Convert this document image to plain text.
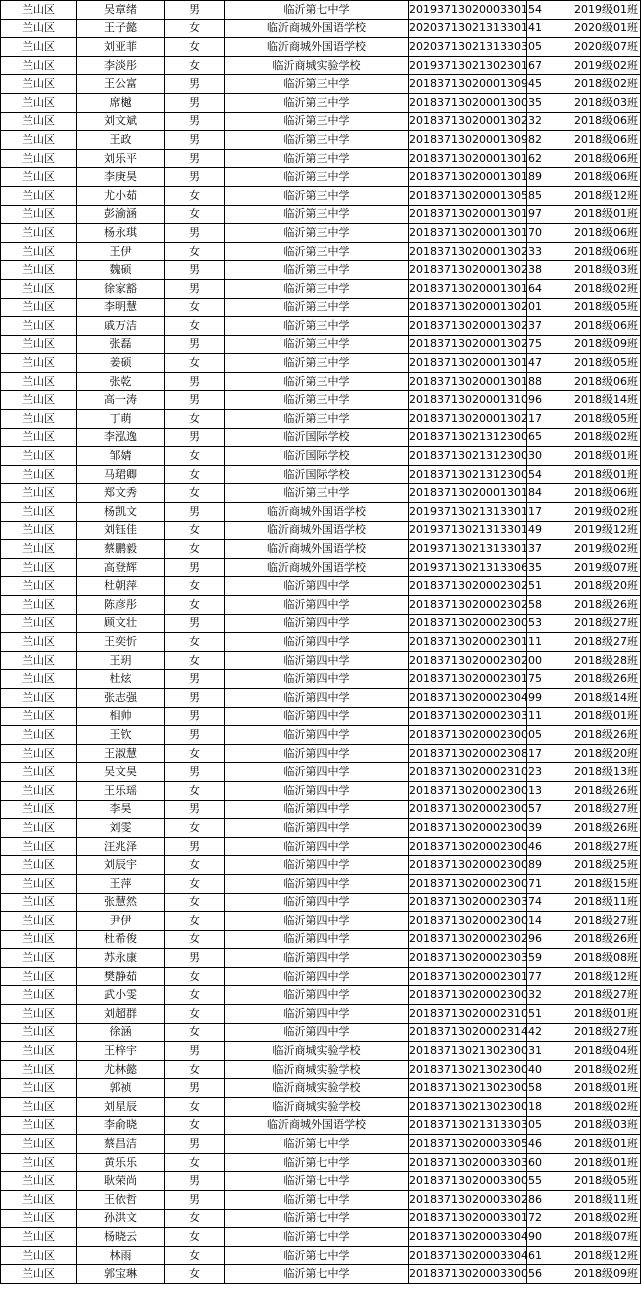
兰山区	吴章绪	男	临沂第七中学	201937130200033015‌4	2019级01班
兰山区	王子懿	女	临沂商城外国语学校	202037130213133014‌1	2020级01班
兰山区	刘亚菲	女	临沂商城外国语学校	202037130213133030‌5	2020级07班
兰山区	李淡彤	女	临沂商城实验学校	201937130213023016‌7	2019级02班
兰山区	王公富	男	临沂第三中学	201837130200013094‌5	2018级02班
兰山区	席樾	男	临沂第三中学	201837130200013003‌5	2018级03班
兰山区	刘文斌	男	临沂第三中学	201837130200013023‌2	2018级06班
兰山区	王政	男	临沂第三中学	201837130200013098‌2	2018级06班
兰山区	刘乐平	男	临沂第三中学	201837130200013016‌2	2018级06班
兰山区	李庚昊	男	临沂第三中学	201837130200013018‌9	2018级06班
兰山区	尤小茹	女	临沂第三中学	201837130200013058‌5	2018级12班
兰山区	彭渝涵	女	临沂第三中学	201837130200013019‌7	2018级01班
兰山区	杨永琪	男	临沂第三中学	201837130200013017‌0	2018级06班
兰山区	王伊	女	临沂第三中学	201837130200013023‌3	2018级06班
兰山区	魏硕	男	临沂第三中学	201837130200013023‌8	2018级03班
兰山区	徐家豁	男	临沂第三中学	201837130200013016‌4	2018级02班
兰山区	李明慧	女	临沂第三中学	201837130200013020‌1	2018级05班
兰山区	戚万洁	女	临沂第三中学	201837130200013023‌7	2018级06班
兰山区	张磊	男	临沂第三中学	201837130200013027‌5	2018级09班
兰山区	姜硕	女	临沂第三中学	201837130200013014‌7	2018级05班
兰山区	张乾	男	临沂第三中学	201837130200013018‌8	2018级06班
兰山区	高一涛	男	临沂第三中学	201837130200013109‌6	2018级14班
兰山区	丁萌	女	临沂第三中学	201837130200013021‌7	2018级05班
兰山区	李泓逸	男	临沂国际学校	201837130213123006‌5	2018级02班
兰山区	邹婧	女	临沂国际学校	201837130213123003‌0	2018级01班
兰山区	马珺卿	女	临沂国际学校	201837130213123005‌4	2018级01班
兰山区	郑文秀	女	临沂第三中学	201837130200013018‌4	2018级06班
兰山区	杨凯文	男	临沂商城外国语学校	201937130213133011‌7	2019级02班
兰山区	刘钰佳	女	临沂商城外国语学校	201937130213133014‌9	2019级12班
兰山区	蔡鹏毅	女	临沂商城外国语学校	201937130213133013‌7	2019级02班
兰山区	高登辉	男	临沂商城外国语学校	201937130213133063‌5	2019级07班
兰山区	杜朝萍	女	临沂第四中学	201837130200023025‌1	2018级20班
兰山区	陈彦彤	女	临沂第四中学	201837130200023025‌8	2018级26班
兰山区	顾文壮	男	临沂第四中学	201837130200023005‌3	2018级27班
兰山区	王奕忻	女	临沂第四中学	201837130200023011‌1	2018级27班
兰山区	王玥	女	临沂第四中学	201837130200023020‌0	2018级28班
兰山区	杜炫	男	临沂第四中学	201837130200023017‌5	2018级26班
兰山区	张志强	男	临沂第四中学	201837130200023049‌9	2018级14班
兰山区	相帅	男	临沂第四中学	201837130200023031‌1	2018级01班
兰山区	王钦	男	临沂第四中学	201837130200023000‌5	2018级26班
兰山区	王淑慧	女	临沂第四中学	201837130200023081‌7	2018级20班
兰山区	吴文昊	男	临沂第四中学	201837130200023102‌3	2018级13班
兰山区	王乐瑶	女	临沂第四中学	201837130200023001‌3	2018级26班
兰山区	李昊	男	临沂第四中学	201837130200023005‌7	2018级27班
兰山区	刘雯	女	临沂第四中学	201837130200023003‌9	2018级26班
兰山区	汪兆泽	男	临沂第四中学	201837130200023004‌6	2018级27班
兰山区	刘辰宇	女	临沂第四中学	201837130200023008‌9	2018级25班
兰山区	王萍	女	临沂第四中学	201837130200023007‌1	2018级15班
兰山区	张慧然	女	临沂第四中学	201837130200023037‌4	2018级11班
兰山区	尹伊	女	临沂第四中学	201837130200023001‌4	2018级27班
兰山区	杜希俊	女	临沂第四中学	201837130200023029‌6	2018级26班
兰山区	苏永康	男	临沂第四中学	201837130200023035‌9	2018级08班
兰山区	樊静茹	女	临沂第四中学	201837130200023017‌7	2018级12班
兰山区	武小雯	女	临沂第四中学	201837130200023003‌2	2018级27班
兰山区	刘超群	女	临沂第四中学	201837130200023105‌1	2018级01班
兰山区	徐涵	女	临沂第四中学	201837130200023144‌2	2018级27班
兰山区	王梓宇	男	临沂商城实验学校	201837130213023003‌1	2018级04班
兰山区	尤林懿	女	临沂商城实验学校	201837130213023004‌0	2018级02班
兰山区	郭祯	男	临沂商城实验学校	201837130213023005‌8	2018级01班
兰山区	刘星辰	女	临沂商城实验学校	201837130213023001‌8	2018级02班
兰山区	李俞晓	女	临沂商城外国语学校	201837130213133030‌5	2018级03班
兰山区	蔡昌洁	男	临沂第七中学	201837130200033054‌6	2018级01班
兰山区	黄乐乐	女	临沂第七中学	201837130200033036‌0	2018级01班
兰山区	耿荣尚	男	临沂第七中学	201837130200033005‌5	2018级05班
兰山区	王依哲	男	临沂第七中学	201837130200033028‌6	2018级11班
兰山区	孙洪文	女	临沂第七中学	201837130200033017‌2	2018级02班
兰山区	杨晓云	女	临沂第七中学	201837130200033049‌0	2018级07班
兰山区	林雨	女	临沂第七中学	201837130200033046‌1	2018级12班
兰山区	郭宝琳	女	临沂第七中学	201837130200033005‌6	2018级09班
